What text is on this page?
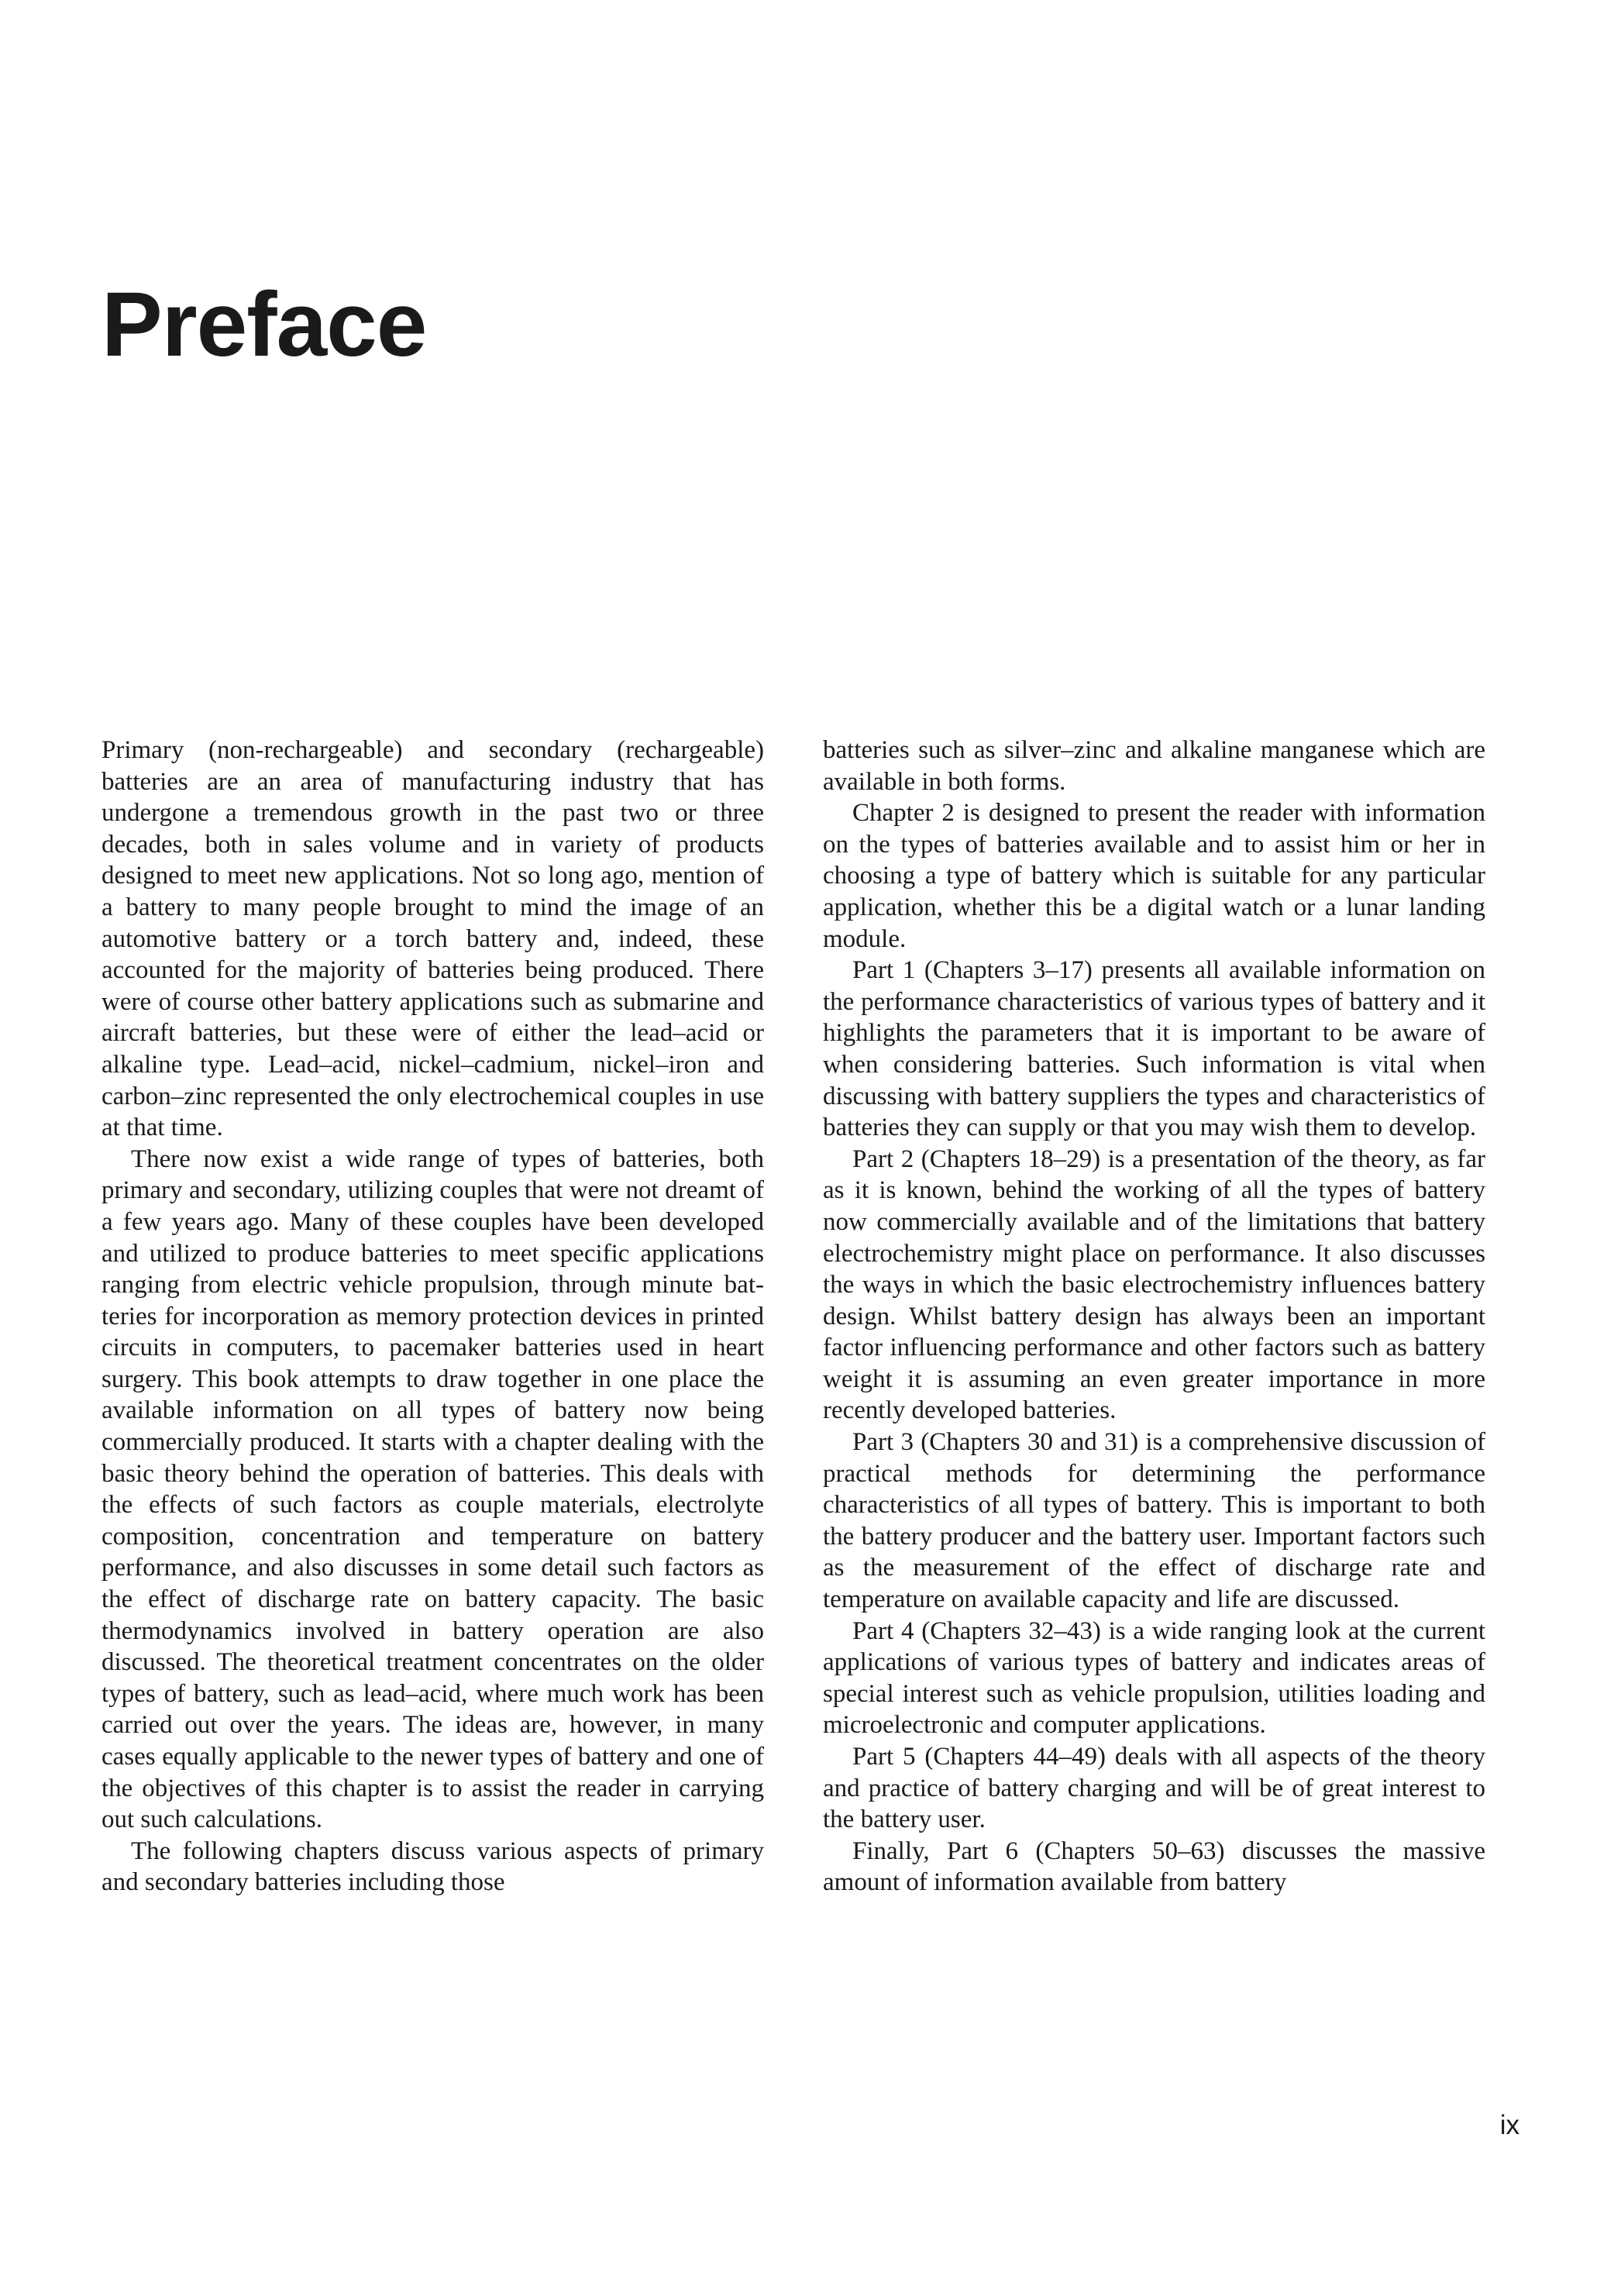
Preface

Primary (non-rechargeable) and secondary (rechargeable) batteries are an area of manufacturing industry that has undergone a tremendous growth in the past two or three decades, both in sales volume and in variety of products designed to meet new applications. Not so long ago, mention of a battery to many people brought to mind the image of an automotive battery or a torch battery and, indeed, these accounted for the majority of batteries being produced. There were of course other battery applications such as submarine and aircraft batteries, but these were of either the lead–acid or alkaline type. Lead–acid, nickel–cadmium, nickel–iron and carbon–zinc represented the only electrochemical couples in use at that time.

There now exist a wide range of types of batteries, both primary and secondary, utilizing couples that were not dreamt of a few years ago. Many of these couples have been developed and utilized to produce batteries to meet specific applications ranging from electric vehicle propulsion, through minute batteries for incorporation as memory protection devices in printed circuits in computers, to pacemaker batteries used in heart surgery. This book attempts to draw together in one place the available information on all types of battery now being commercially produced. It starts with a chapter dealing with the basic theory behind the operation of batteries. This deals with the effects of such factors as couple materials, electrolyte composition, concentration and temperature on battery performance, and also discusses in some detail such factors as the effect of discharge rate on battery capacity. The basic thermodynamics involved in battery operation are also discussed. The theoretical treatment concentrates on the older types of battery, such as lead–acid, where much work has been carried out over the years. The ideas are, however, in many cases equally applicable to the newer types of battery and one of the objectives of this chapter is to assist the reader in carrying out such calculations.

The following chapters discuss various aspects of primary and secondary batteries including those

batteries such as silver–zinc and alkaline manganese which are available in both forms.

Chapter 2 is designed to present the reader with information on the types of batteries available and to assist him or her in choosing a type of battery which is suitable for any particular application, whether this be a digital watch or a lunar landing module.

Part 1 (Chapters 3–17) presents all available information on the performance characteristics of various types of battery and it highlights the parameters that it is important to be aware of when considering batteries. Such information is vital when discussing with battery suppliers the types and characteristics of batteries they can supply or that you may wish them to develop.

Part 2 (Chapters 18–29) is a presentation of the theory, as far as it is known, behind the working of all the types of battery now commercially available and of the limitations that battery electrochemistry might place on performance. It also discusses the ways in which the basic electrochemistry influences battery design. Whilst battery design has always been an important factor influencing performance and other factors such as battery weight it is assuming an even greater importance in more recently developed batteries.

Part 3 (Chapters 30 and 31) is a comprehensive discussion of practical methods for determining the performance characteristics of all types of battery. This is important to both the battery producer and the battery user. Important factors such as the measurement of the effect of discharge rate and temperature on available capacity and life are discussed.

Part 4 (Chapters 32–43) is a wide ranging look at the current applications of various types of battery and indicates areas of special interest such as vehicle propulsion, utilities loading and microelectronic and computer applications.

Part 5 (Chapters 44–49) deals with all aspects of the theory and practice of battery charging and will be of great interest to the battery user.

Finally, Part 6 (Chapters 50–63) discusses the massive amount of information available from battery

ix
